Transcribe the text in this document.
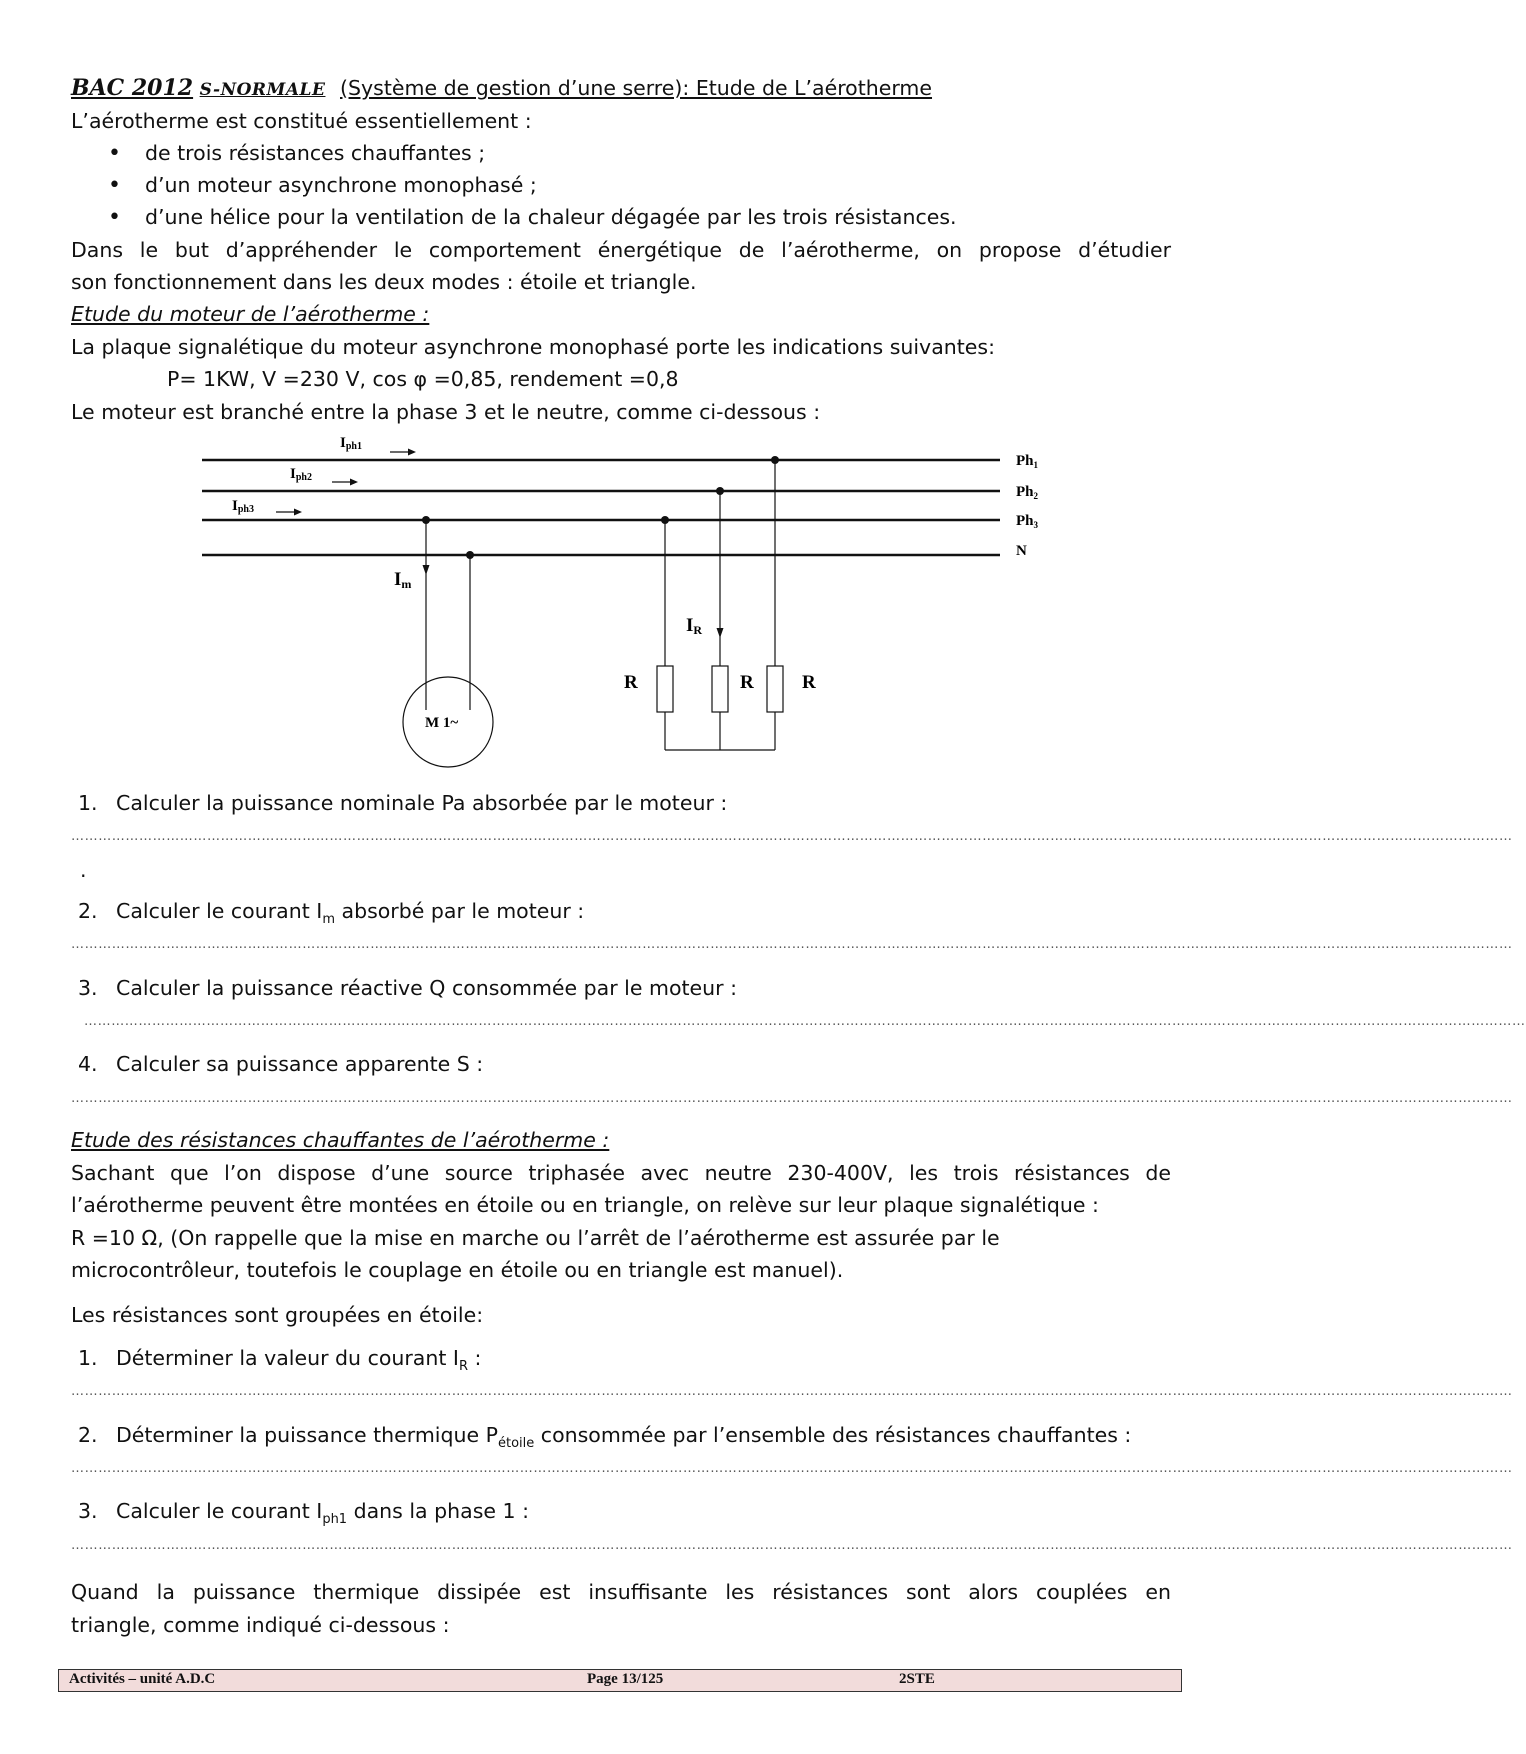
BAC 2012 S-NORMALE (Système de gestion d’une serre): Etude de L’aérotherme
L’aérotherme est constitué essentiellement :
• de trois résistances chauffantes ;
• d’un moteur asynchrone monophasé ;
• d’une hélice pour la ventilation de la chaleur dégagée par les trois résistances.
Dans le but d’appréhender le comportement énergétique de l’aérotherme, on propose d’étudier
son fonctionnement dans les deux modes : étoile et triangle.
Etude du moteur de l’aérotherme :
La plaque signalétique du moteur asynchrone monophasé porte les indications suivantes:
P= 1KW, V =230 V, cos φ =0,85, rendement =0,8
Le moteur est branché entre la phase 3 et le neutre, comme ci-dessous :
Iph1
Iph2
Iph3
$Ph_1$
$Ph_2$
$Ph_3$
N
Im
IR
M 1~
R	R	R
1. Calculer la puissance nominale Pa absorbée par le moteur :
…………………………………………………………………………………………………………………………………………………………………………………………………………………………………………………………………………………………
.
2. Calculer le courant $I_m$ absorbé par le moteur :
…………………………………………………………………………………………………………………………………………………………………………………………………………………………………………………………………………………………
3. Calculer la puissance réactive Q consommée par le moteur :
…………………………………………………………………………………………………………………………………………………………………………………………………………………………………………………………………………………………
4. Calculer sa puissance apparente S :
…………………………………………………………………………………………………………………………………………………………………………………………………………………………………………………………………………………………
Etude des résistances chauffantes de l’aérotherme :
Sachant que l’on dispose d’une source triphasée avec neutre 230-400V, les trois résistances de
l’aérotherme peuvent être montées en étoile ou en triangle, on relève sur leur plaque signalétique :
R =10 Ω, (On rappelle que la mise en marche ou l’arrêt de l’aérotherme est assurée par le
microcontrôleur, toutefois le couplage en étoile ou en triangle est manuel).
Les résistances sont groupées en étoile:
1. Déterminer la valeur du courant $I_R$ :
…………………………………………………………………………………………………………………………………………………………………………………………………………………………………………………………………………………………
2. Déterminer la puissance thermique $P_{étoile}$ consommée par l’ensemble des résistances chauffantes :
…………………………………………………………………………………………………………………………………………………………………………………………………………………………………………………………………………………………
3. Calculer le courant $I_{ph1}$ dans la phase 1 :
…………………………………………………………………………………………………………………………………………………………………………………………………………………………………………………………………………………………
Quand la puissance thermique dissipée est insuffisante les résistances sont alors couplées en
triangle, comme indiqué ci-dessous :
Activités – unité A.D.C	Page 13/125	2STE
